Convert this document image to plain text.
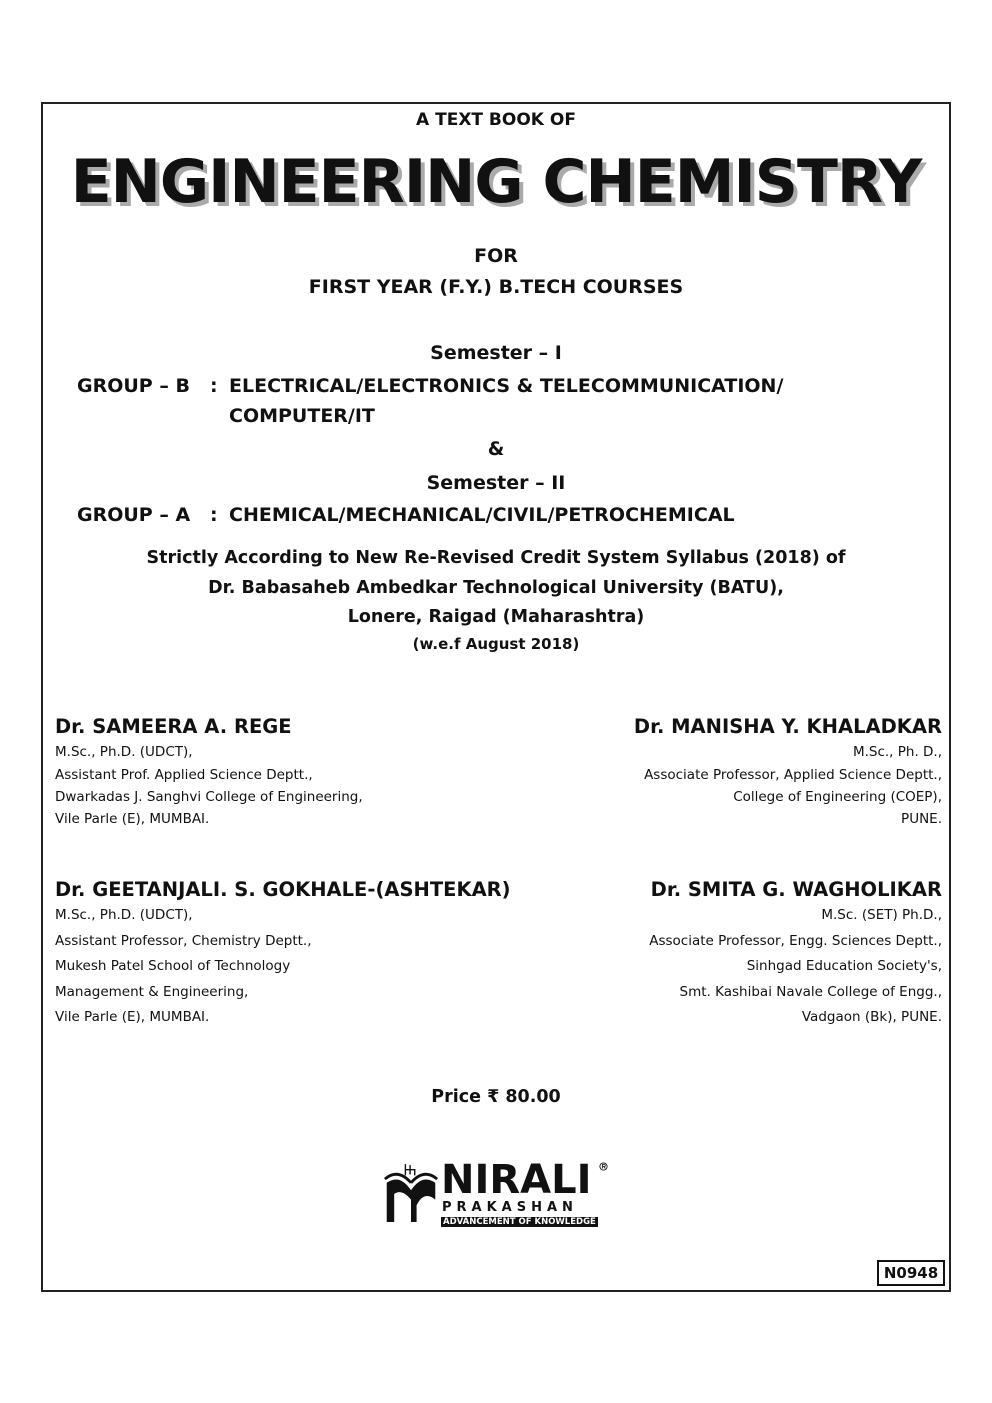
A TEXT BOOK OF
ENGINEERING CHEMISTRY
FOR
FIRST YEAR (F.Y.) B.TECH COURSES
Semester – I
GROUP – B : ELECTRICAL/ELECTRONICS & TELECOMMUNICATION/
COMPUTER/IT
&
Semester – II
GROUP – A : CHEMICAL/MECHANICAL/CIVIL/PETROCHEMICAL
Strictly According to New Re-Revised Credit System Syllabus (2018) of
Dr. Babasaheb Ambedkar Technological University (BATU),
Lonere, Raigad (Maharashtra)
(w.e.f August 2018)
Dr. SAMEERA A. REGE
M.Sc., Ph.D. (UDCT),
Assistant Prof. Applied Science Deptt.,
Dwarkadas J. Sanghvi College of Engineering,
Vile Parle (E), MUMBAI.
Dr. MANISHA Y. KHALADKAR
M.Sc., Ph. D.,
Associate Professor, Applied Science Deptt.,
College of Engineering (COEP),
PUNE.
Dr. GEETANJALI. S. GOKHALE-(ASHTEKAR)
M.Sc., Ph.D. (UDCT),
Assistant Professor, Chemistry Deptt.,
Mukesh Patel School of Technology
Management & Engineering,
Vile Parle (E), MUMBAI.
Dr. SMITA G. WAGHOLIKAR
M.Sc. (SET) Ph.D.,
Associate Professor, Engg. Sciences Deptt.,
Sinhgad Education Society's,
Smt. Kashibai Navale College of Engg.,
Vadgaon (Bk), PUNE.
Price ₹ 80.00
NIRALI
PRAKASHAN
ADVANCEMENT OF KNOWLEDGE
N0948
